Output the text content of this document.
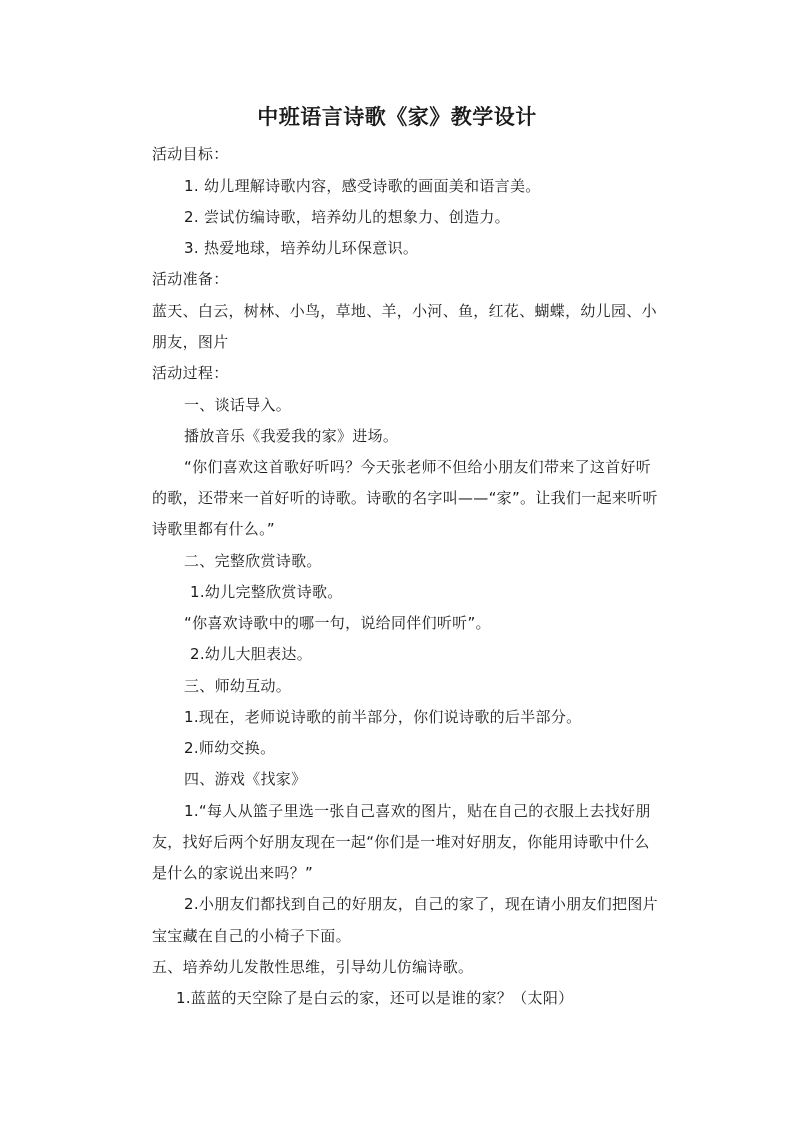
中班语言诗歌《家》教学设计
活动目标：
1. 幼儿理解诗歌内容，感受诗歌的画面美和语言美。
2. 尝试仿编诗歌，培养幼儿的想象力、创造力。
3. 热爱地球，培养幼儿环保意识。
活动准备：
蓝天、白云，树林、小鸟，草地、羊，小河、鱼，红花、蝴蝶，幼儿园、小
朋友，图片
活动过程：
一、谈话导入。
播放音乐《我爱我的家》进场。
“你们喜欢这首歌好听吗？今天张老师不但给小朋友们带来了这首好听
的歌，还带来一首好听的诗歌。诗歌的名字叫——“家”。让我们一起来听听
诗歌里都有什么。”
二、完整欣赏诗歌。
1.幼儿完整欣赏诗歌。
“你喜欢诗歌中的哪一句，说给同伴们听听”。
2.幼儿大胆表达。
三、师幼互动。
1.现在，老师说诗歌的前半部分，你们说诗歌的后半部分。
2.师幼交换。
四、游戏《找家》
1.“每人从篮子里选一张自己喜欢的图片，贴在自己的衣服上去找好朋
友，找好后两个好朋友现在一起“你们是一堆对好朋友，你能用诗歌中什么
是什么的家说出来吗？”
2.小朋友们都找到自己的好朋友，自己的家了，现在请小朋友们把图片
宝宝藏在自己的小椅子下面。
五、培养幼儿发散性思维，引导幼儿仿编诗歌。
1.蓝蓝的天空除了是白云的家，还可以是谁的家？（太阳）
